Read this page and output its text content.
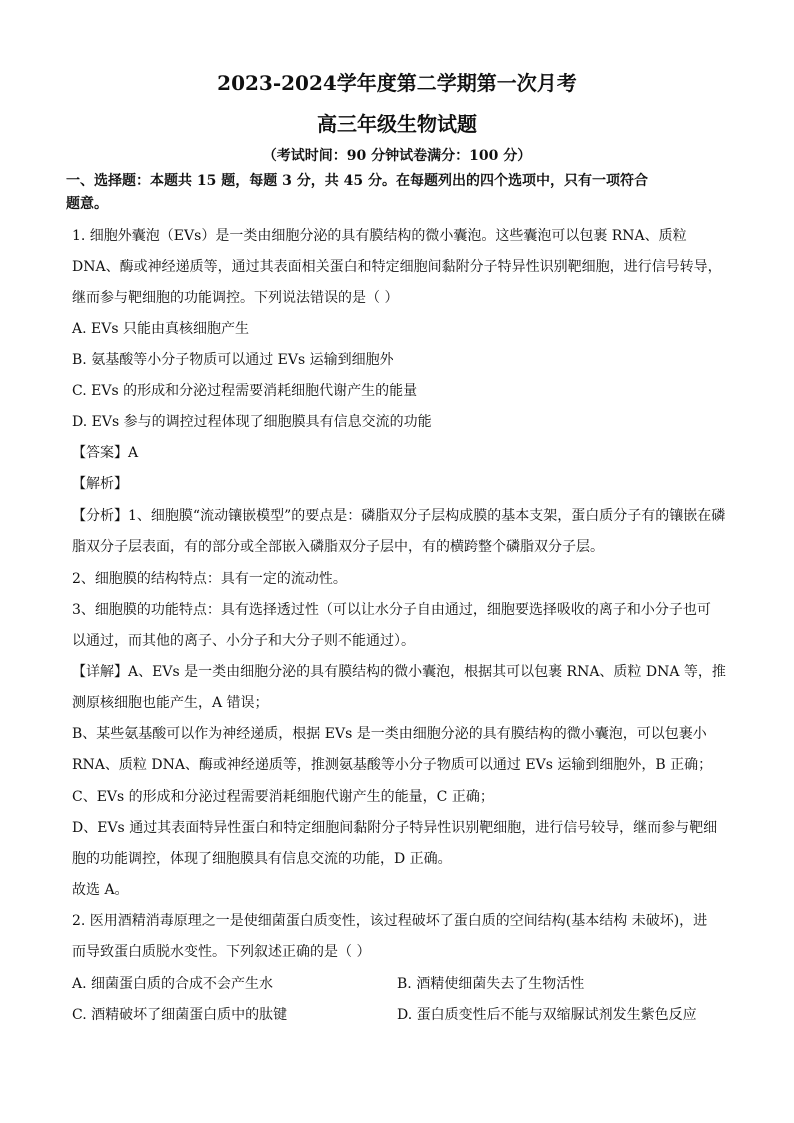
2023-2024学年度第二学期第一次月考
高三年级生物试题
（考试时间：90 分钟试卷满分：100 分）
一、选择题：本题共 15 题，每题 3 分，共 45 分。在每题列出的四个选项中，只有一项符合
题意。
1. 细胞外囊泡（EVs）是一类由细胞分泌的具有膜结构的微小囊泡。这些囊泡可以包裹 RNA、质粒
DNA、酶或神经递质等，通过其表面相关蛋白和特定细胞间黏附分子特异性识别靶细胞，进行信号转导，
继而参与靶细胞的功能调控。下列说法错误的是（ ）
A. EVs 只能由真核细胞产生
B. 氨基酸等小分子物质可以通过 EVs 运输到细胞外
C. EVs 的形成和分泌过程需要消耗细胞代谢产生的能量
D. EVs 参与的调控过程体现了细胞膜具有信息交流的功能
【答案】A
【解析】
【分析】1、细胞膜“流动镶嵌模型”的要点是：磷脂双分子层构成膜的基本支架，蛋白质分子有的镶嵌在磷
脂双分子层表面，有的部分或全部嵌入磷脂双分子层中，有的横跨整个磷脂双分子层。
2、细胞膜的结构特点：具有一定的流动性。
3、细胞膜的功能特点：具有选择透过性（可以让水分子自由通过，细胞要选择吸收的离子和小分子也可
以通过，而其他的离子、小分子和大分子则不能通过）。
【详解】A、EVs 是一类由细胞分泌的具有膜结构的微小囊泡，根据其可以包裹 RNA、质粒 DNA 等，推
测原核细胞也能产生，A 错误；
B、某些氨基酸可以作为神经递质，根据 EVs 是一类由细胞分泌的具有膜结构的微小囊泡，可以包裹小
RNA、质粒 DNA、酶或神经递质等，推测氨基酸等小分子物质可以通过 EVs 运输到细胞外，B 正确；
C、EVs 的形成和分泌过程需要消耗细胞代谢产生的能量，C 正确；
D、EVs 通过其表面特异性蛋白和特定细胞间黏附分子特异性识别靶细胞，进行信号较导，继而参与靶细
胞的功能调控，体现了细胞膜具有信息交流的功能，D 正确。
故选 A。
2. 医用酒精消毒原理之一是使细菌蛋白质变性，该过程破坏了蛋白质的空间结构(基本结构 未破坏)，进
而导致蛋白质脱水变性。下列叙述正确的是（ ）
A. 细菌蛋白质的合成不会产生水	B. 酒精使细菌失去了生物活性
C. 酒精破坏了细菌蛋白质中的肽键	D. 蛋白质变性后不能与双缩脲试剂发生紫色反应
